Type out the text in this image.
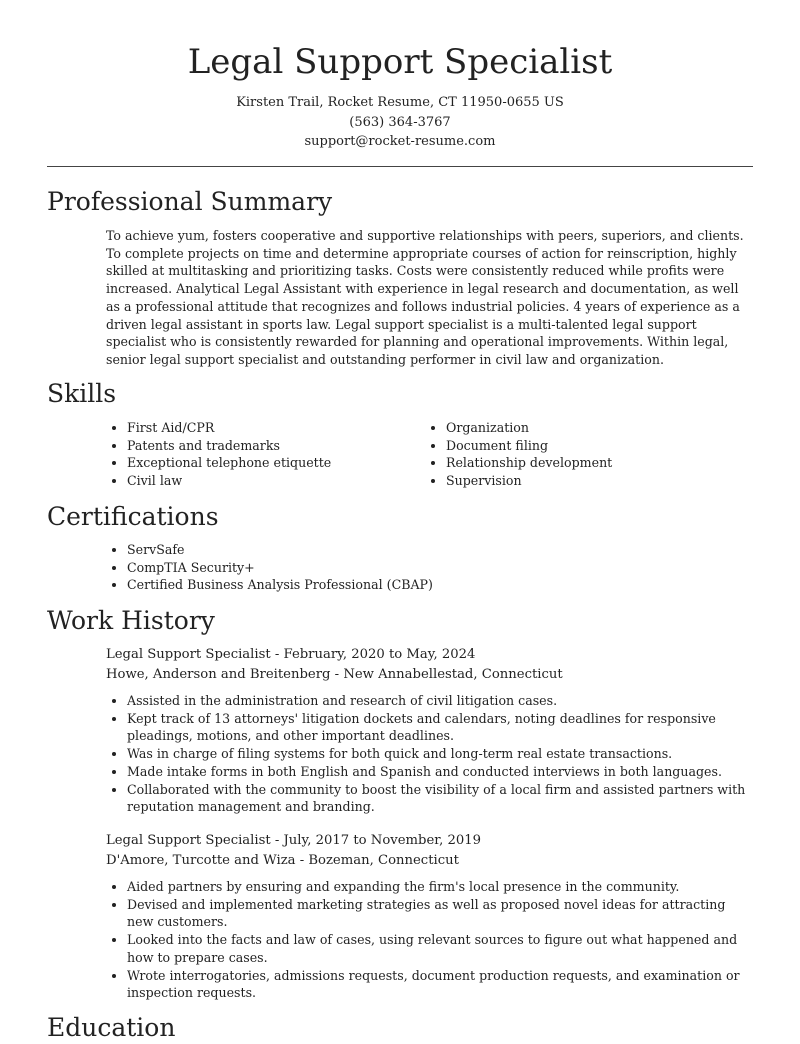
Legal Support Specialist
Kirsten Trail, Rocket Resume, CT 11950-0655 US
(563) 364-3767
support@rocket-resume.com
Professional Summary

To achieve yum, fosters cooperative and supportive relationships with peers, superiors, and clients. To complete projects on time and determine appropriate courses of action for reinscription, highly skilled at multitasking and prioritizing tasks. Costs were consistently reduced while profits were increased. Analytical Legal Assistant with experience in legal research and documentation, as well as a professional attitude that recognizes and follows industrial policies. 4 years of experience as a driven legal assistant in sports law. Legal support specialist is a multi-talented legal support specialist who is consistently rewarded for planning and operational improvements. Within legal, senior legal support specialist and outstanding performer in civil law and organization.

Skills
• First Aid/CPR
• Patents and trademarks
• Exceptional telephone etiquette
• Civil law
• Organization
• Document filing
• Relationship development
• Supervision
Certifications
• ServSafe
• CompTIA Security+
• Certified Business Analysis Professional (CBAP)
Work History
Legal Support Specialist - February, 2020 to May, 2024
Howe, Anderson and Breitenberg - New Annabellestad, Connecticut
• Assisted in the administration and research of civil litigation cases.
• Kept track of 13 attorneys' litigation dockets and calendars, noting deadlines for responsive pleadings, motions, and other important deadlines.
• Was in charge of filing systems for both quick and long-term real estate transactions.
• Made intake forms in both English and Spanish and conducted interviews in both languages.
• Collaborated with the community to boost the visibility of a local firm and assisted partners with reputation management and branding.
Legal Support Specialist - July, 2017 to November, 2019
D'Amore, Turcotte and Wiza - Bozeman, Connecticut
• Aided partners by ensuring and expanding the firm's local presence in the community.
• Devised and implemented marketing strategies as well as proposed novel ideas for attracting new customers.
• Looked into the facts and law of cases, using relevant sources to figure out what happened and how to prepare cases.
• Wrote interrogatories, admissions requests, document production requests, and examination or inspection requests.
Education
